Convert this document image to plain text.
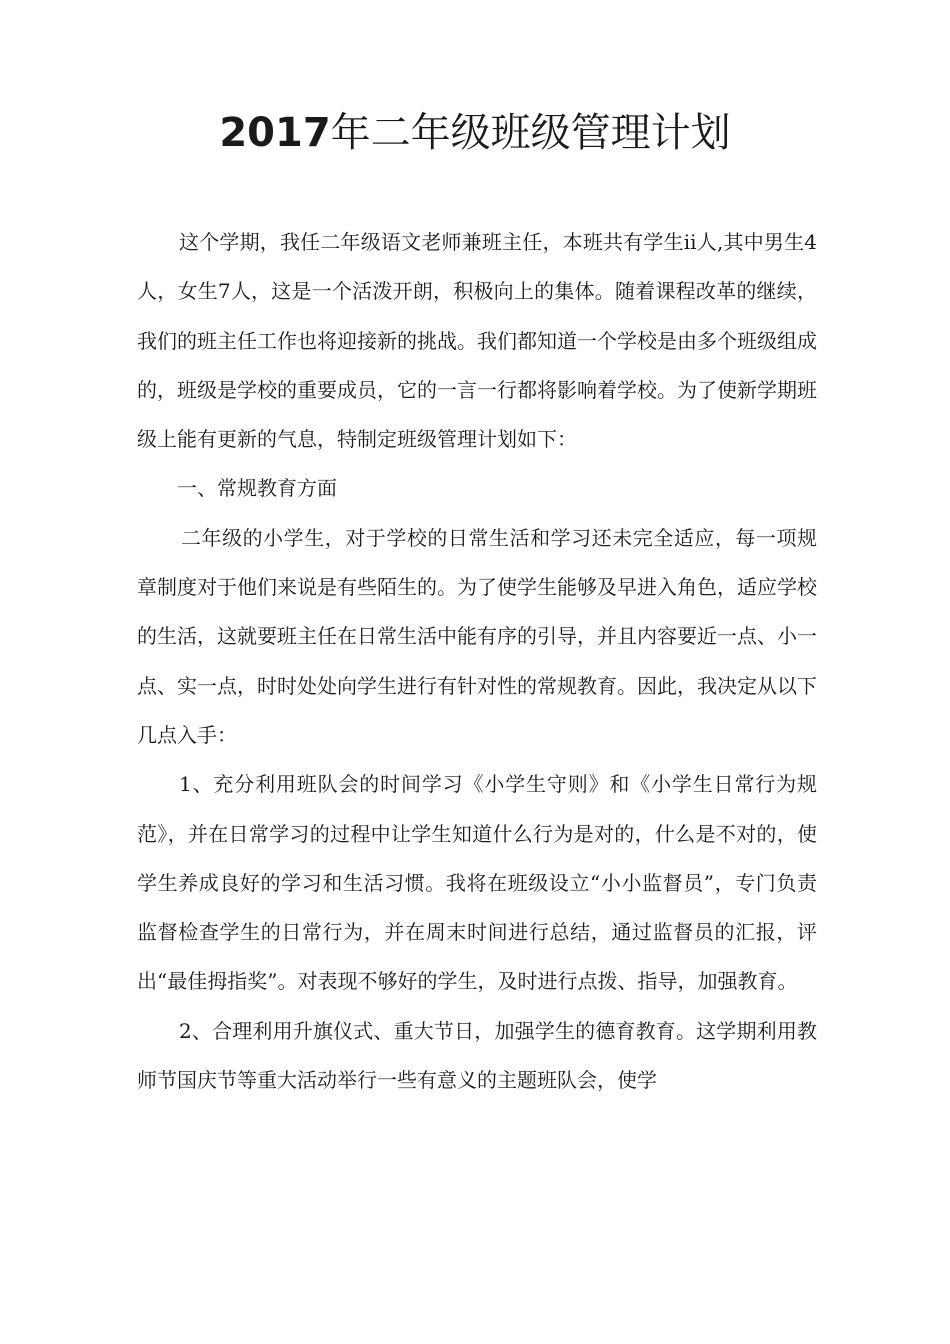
2017年二年级班级管理计划

这个学期，我任二年级语文老师兼班主任，本班共有学生ii人,其中男生4人，女生7人，这是一个活泼开朗，积极向上的集体。随着课程改革的继续，我们的班主任工作也将迎接新的挑战。我们都知道一个学校是由多个班级组成的，班级是学校的重要成员，它的一言一行都将影响着学校。为了使新学期班级上能有更新的气息，特制定班级管理计划如下：

一、常规教育方面

二年级的小学生，对于学校的日常生活和学习还未完全适应，每一项规章制度对于他们来说是有些陌生的。为了使学生能够及早进入角色，适应学校的生活，这就要班主任在日常生活中能有序的引导，并且内容要近一点、小一点、实一点，时时处处向学生进行有针对性的常规教育。因此，我决定从以下几点入手：

1、充分利用班队会的时间学习《小学生守则》和《小学生日常行为规范》，并在日常学习的过程中让学生知道什么行为是对的，什么是不对的，使学生养成良好的学习和生活习惯。我将在班级设立“小小监督员”，专门负责监督检查学生的日常行为，并在周末时间进行总结，通过监督员的汇报，评出“最佳拇指奖”。对表现不够好的学生，及时进行点拨、指导，加强教育。

2、合理利用升旗仪式、重大节日，加强学生的德育教育。这学期利用教师节国庆节等重大活动举行一些有意义的主题班队会，使学
